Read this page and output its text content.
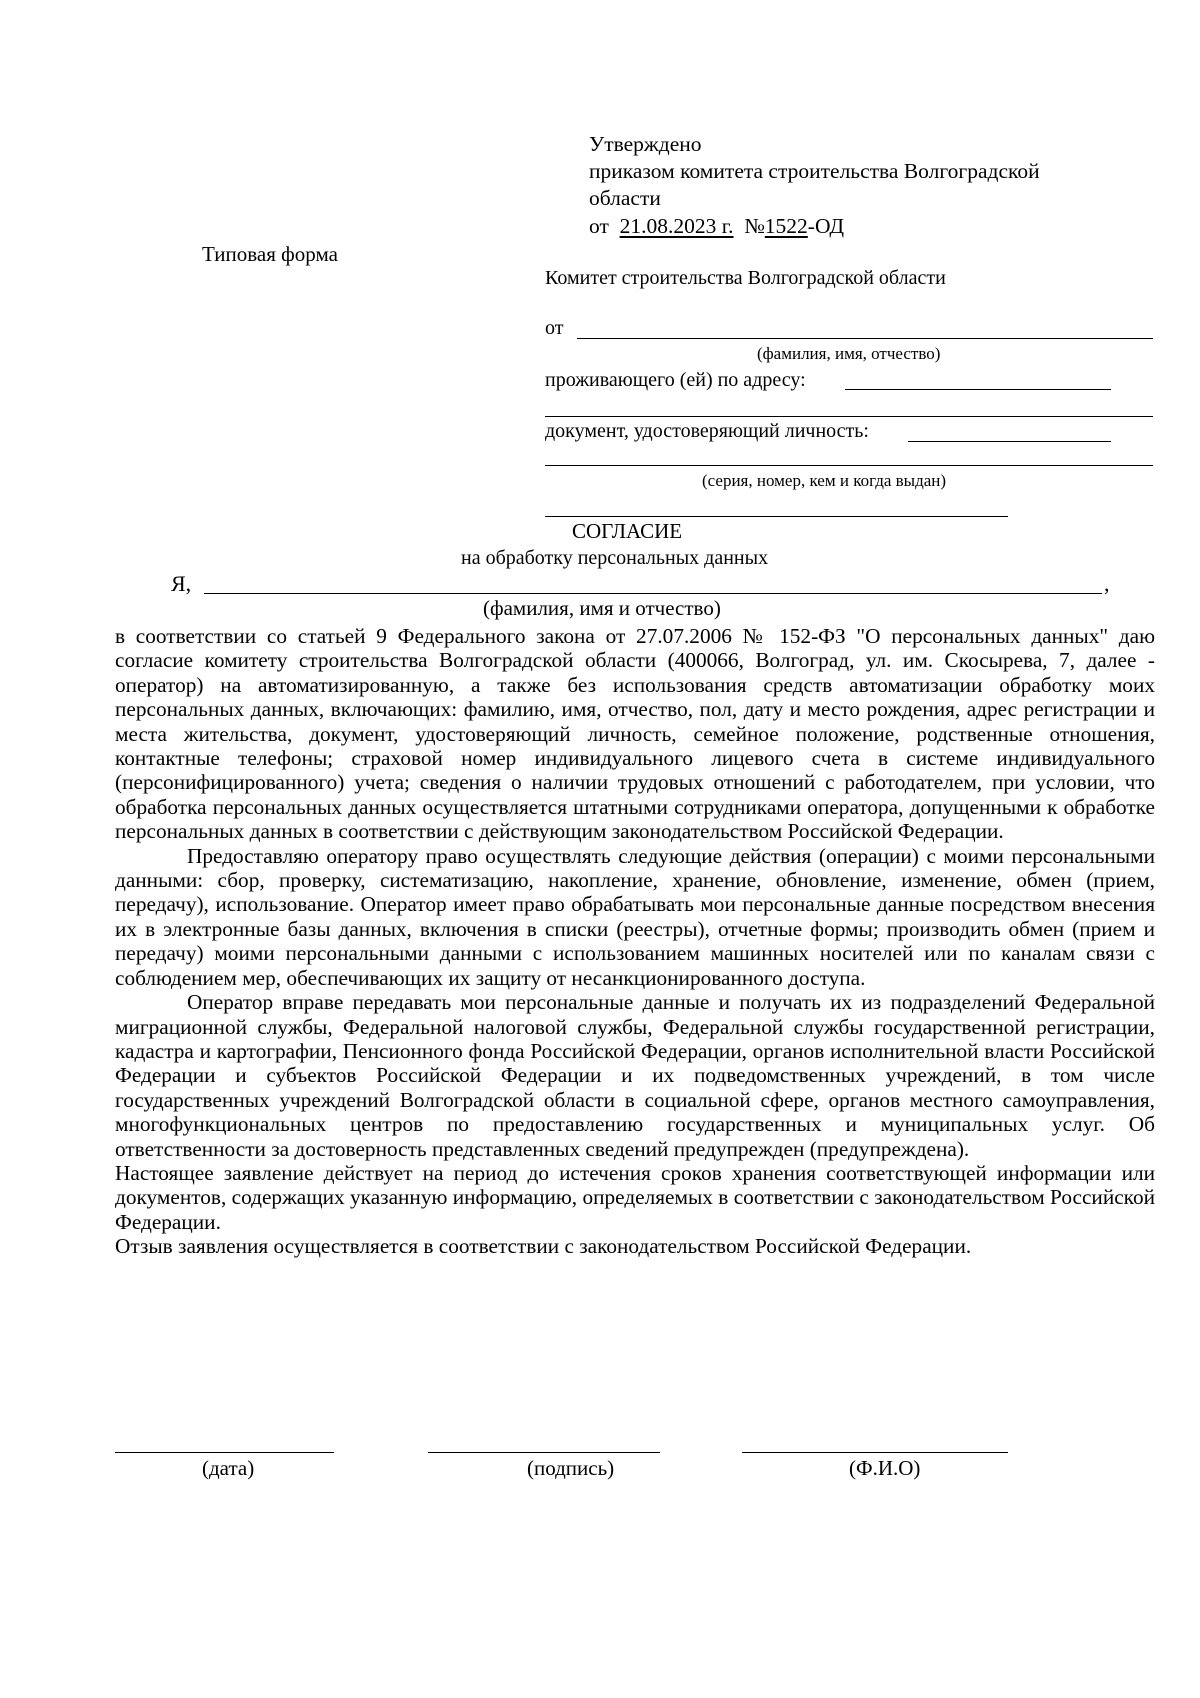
Утверждено
приказом комитета строительства Волгоградской
области
от 21.08.2023 г. №1522-ОД
Типовая форма
Комитет строительства Волгоградской области
от
(фамилия, имя, отчество)
проживающего (ей) по адресу:
документ, удостоверяющий личность:
(серия, номер, кем и когда выдан)
СОГЛАСИЕ
на обработку персональных данных
Я,	,
(фамилия, имя и отчество)

в соответствии со статьей 9 Федерального закона от 27.07.2006 № 152-ФЗ "О персональных данных" даю согласие комитету строительства Волгоградской области (400066, Волгоград, ул. им. Скосырева, 7, далее - оператор) на автоматизированную, а также без использования средств автоматизации обработку моих персональных данных, включающих: фамилию, имя, отчество, пол, дату и место рождения, адрес регистрации и места жительства, документ, удостоверяющий личность, семейное положение, родственные отношения, контактные телефоны; страховой номер индивидуального лицевого счета в системе индивидуального (персонифицированного) учета; сведения о наличии трудовых отношений с работодателем, при условии, что обработка персональных данных осуществляется штатными сотрудниками оператора, допущенными к обработке персональных данных в соответствии с действующим законодательством Российской Федерации.

Предоставляю оператору право осуществлять следующие действия (операции) с моими персональными данными: сбор, проверку, систематизацию, накопление, хранение, обновление, изменение, обмен (прием, передачу), использование. Оператор имеет право обрабатывать мои персональные данные посредством внесения их в электронные базы данных, включения в списки (реестры), отчетные формы; производить обмен (прием и передачу) моими персональными данными с использованием машинных носителей или по каналам связи с соблюдением мер, обеспечивающих их защиту от несанкционированного доступа.

Оператор вправе передавать мои персональные данные и получать их из подразделений Федеральной миграционной службы, Федеральной налоговой службы, Федеральной службы государственной регистрации, кадастра и картографии, Пенсионного фонда Российской Федерации, органов исполнительной власти Российской Федерации и субъектов Российской Федерации и их подведомственных учреждений, в том числе государственных учреждений Волгоградской области в социальной сфере, органов местного самоуправления, многофункциональных центров по предоставлению государственных и муниципальных услуг. Об ответственности за достоверность представленных сведений предупрежден (предупреждена).

Настоящее заявление действует на период до истечения сроков хранения соответствующей информации или документов, содержащих указанную информацию, определяемых в соответствии с законодательством Российской Федерации.

Отзыв заявления осуществляется в соответствии с законодательством Российской Федерации.

(дата)	(подпись)	(Ф.И.О)
